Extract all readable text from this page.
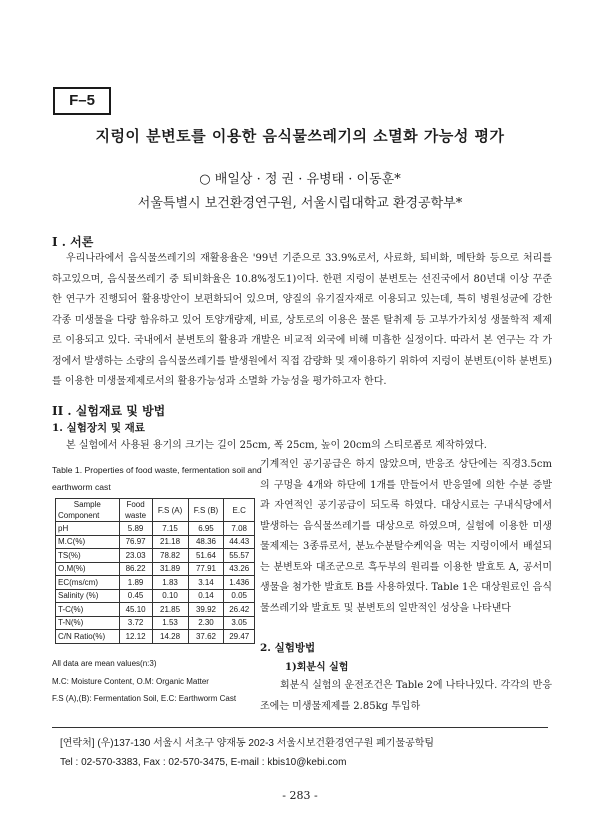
F–5
지렁이 분변토를 이용한 음식물쓰레기의 소멸화 가능성 평가
○ 배일상 · 정 권 · 유병태 · 이동훈*
서울특별시 보건환경연구원, 서울시립대학교 환경공학부*
I . 서론
우리나라에서 음식물쓰레기의 재활용율은 '99년 기준으로 33.9%로서, 사료화, 퇴비화, 메탄화 등으로 처리를 하고있으며, 음식물쓰레기 중 퇴비화율은 10.8%정도1)이다. 한편 지렁이 분변토는 선진국에서 80년대 이상 꾸준한 연구가 진행되어 활용방안이 보편화되어 있으며, 양질의 유기질자재로 이용되고 있는데, 특히 병원성균에 강한 각종 미생물을 다량 함유하고 있어 토양개량제, 비료, 상토로의 이용은 물론 탈취제 등 고부가가치성 생물학적 제제로 이용되고 있다. 국내에서 분변토의 활용과 개발은 비교적 외국에 비해 미흡한 실정이다. 따라서 본 연구는 각 가정에서 발생하는 소량의 음식물쓰레기를 발생원에서 직접 감량화 및 재이용하기 위하여 지렁이 분변토(이하 분변토)를 이용한 미생물제제로서의 활용가능성과 소멸화 가능성을 평가하고자 한다.
II . 실험재료 및 방법
1. 실험장치 및 재료
본 실험에서 사용된 용기의 크기는 길이 25cm, 폭 25cm, 높이 20cm의 스티로폼로 제작하였다.
Table 1. Properties of food waste, fermentation soil and earthworm cast
Sample
Component	Food waste	F.S (A)	F.S (B)	E.C
pH	5.89	7.15	6.95	7.08
M.C(%)	76.97	21.18	48.36	44.43
TS(%)	23.03	78.82	51.64	55.57
O.M(%)	86.22	31.89	77.91	43.26
EC(ms/cm)	1.89	1.83	3.14	1.436
Salinity (%)	0.45	0.10	0.14	0.05
T-C(%)	45.10	21.85	39.92	26.42
T-N(%)	3.72	1.53	2.30	3.05
C/N Ratio(%)	12.12	14.28	37.62	29.47
All data are mean values(n:3)
M.C: Moisture Content, O.M: Organic Matter
F.S (A),(B): Fermentation Soil, E.C: Earthworm Cast
기계적인 공기공급은 하지 않았으며, 반응조 상단에는 직경3.5cm의 구멍을 4개와 하단에 1개를 만들어서 반응열에 의한 수분 증발과 자연적인 공기공급이 되도록 하였다. 대상시료는 구내식당에서 발생하는 음식물쓰레기를 대상으로 하였으며, 실험에 이용한 미생물제제는 3종류로서, 분뇨수분탈수케익을 먹는 지렁이에서 배설되는 분변토와 대조군으로 흑두부의 원리를 이용한 발효토 A, 공서미생물을 첨가한 발효토 B를 사용하였다. Table 1은 대상원료인 음식물쓰레기와 발효토 및 분변토의 일반적인 성상을 나타낸다
2. 실험방법
1)회분식 실험
회분식 실험의 운전조건은 Table 2에 나타나있다. 각각의 반응조에는 미생물제제를 2.85kg 투입하
[연락처] (우)137-130 서울시 서초구 양재동 202-3 서울시보건환경연구원 폐기물공학팀
Tel : 02-570-3383, Fax : 02-570-3475, E-mail : kbis10@kebi.com
- 283 -
